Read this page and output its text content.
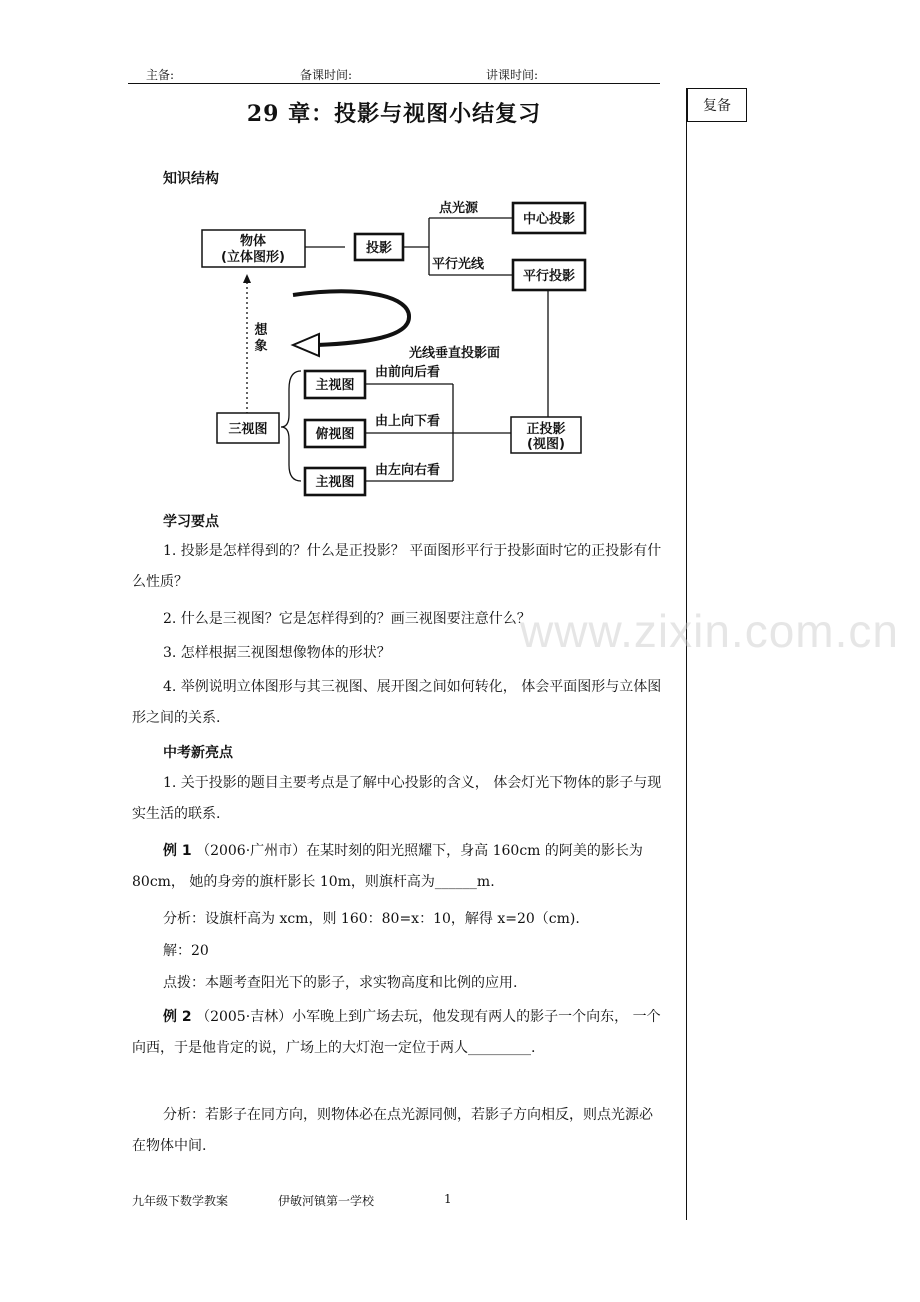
主备:	备课时间:	讲课时间:
复备
29 章：投影与视图小结复习
知识结构
物体
(立体图形)
投影
点光源
中心投影
平行光线
平行投影
想
象	光线垂直投影面
三视图
主视图
俯视图
主视图
由前向后看
由上向下看
由左向右看
正投影
(视图)
学习要点
1. 投影是怎样得到的？什么是正投影？ 平面图形平行于投影面时它的正投影有什么性质？
2. 什么是三视图？它是怎样得到的？画三视图要注意什么？
3. 怎样根据三视图想像物体的形状？
4. 举例说明立体图形与其三视图、展开图之间如何转化， 体会平面图形与立体图形之间的关系.
中考新亮点
1. 关于投影的题目主要考点是了解中心投影的含义， 体会灯光下物体的影子与现实生活的联系.
例 1 （2006·广州市）在某时刻的阳光照耀下，身高 160cm 的阿美的影长为 80cm， 她的身旁的旗杆影长 10m，则旗杆高为______m.
分析：设旗杆高为 xcm，则 160：80=x：10，解得 x=20（cm).
解：20
点拨：本题考查阳光下的影子，求实物高度和比例的应用.
例 2 （2005·吉林）小军晚上到广场去玩，他发现有两人的影子一个向东， 一个向西，于是他肯定的说，广场上的大灯泡一定位于两人_________.
分析：若影子在同方向，则物体必在点光源同侧，若影子方向相反，则点光源必在物体中间.
www.zixin.com.cn
九年级下数学教案	伊敏河镇第一学校	1
